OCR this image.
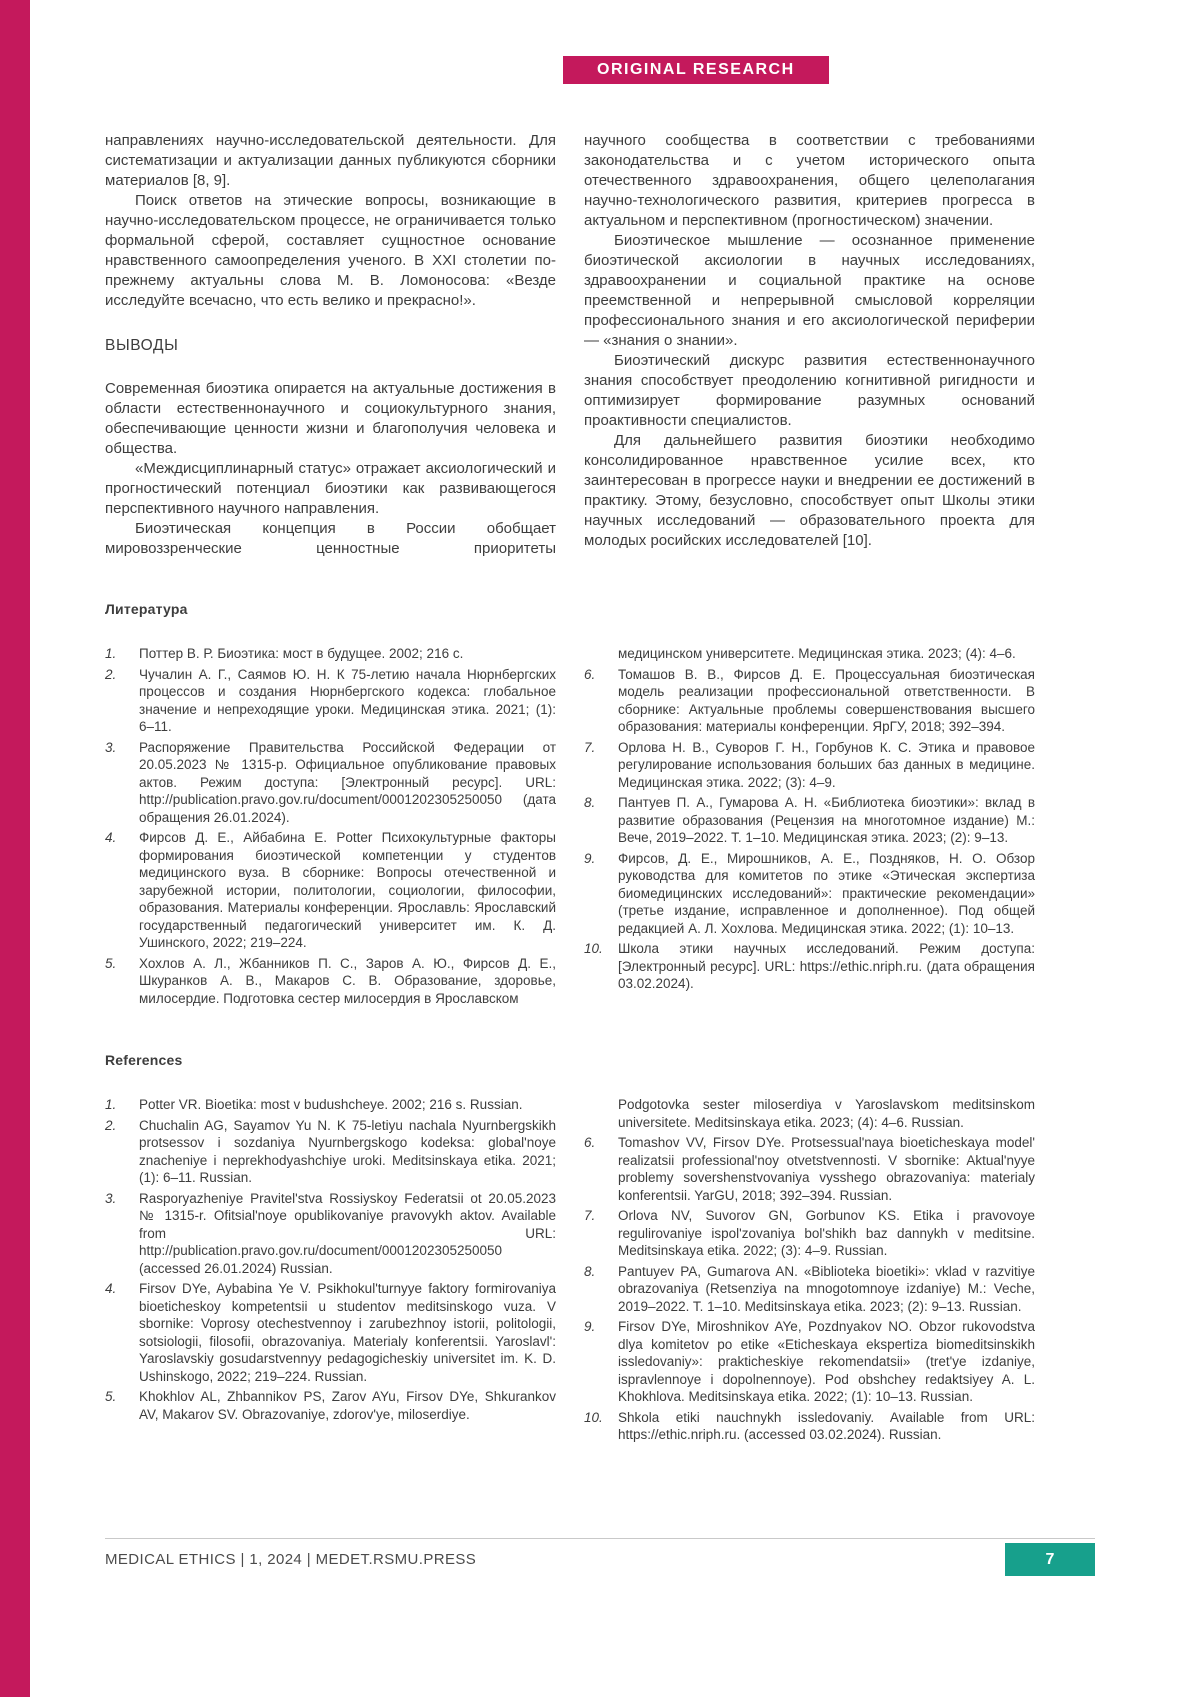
ORIGINAL RESEARCH

направлениях научно-исследовательской деятельности. Для систематизации и актуализации данных публикуются сборники материалов [8, 9].

Поиск ответов на этические вопросы, возникающие в научно-исследовательском процессе, не ограничивается только формальной сферой, составляет сущностное основание нравственного самоопределения ученого. В XXI столетии по-прежнему актуальны слова М. В. Ломоносова: «Везде исследуйте всечасно, что есть велико и прекрасно!».

ВЫВОДЫ

Современная биоэтика опирается на актуальные достижения в области естественнонаучного и социокультурного знания, обеспечивающие ценности жизни и благополучия человека и общества.

«Междисциплинарный статус» отражает аксиологический и прогностический потенциал биоэтики как развивающегося перспективного научного направления.

Биоэтическая концепция в России обобщает мировоззренческие ценностные приоритеты

научного сообщества в соответствии с требованиями законодательства и с учетом исторического опыта отечественного здравоохранения, общего целеполагания научно-технологического развития, критериев прогресса в актуальном и перспективном (прогностическом) значении.

Биоэтическое мышление — осознанное применение биоэтической аксиологии в научных исследованиях, здравоохранении и социальной практике на основе преемственной и непрерывной смысловой корреляции профессионального знания и его аксиологической периферии — «знания о знании».

Биоэтический дискурс развития естественнонаучного знания способствует преодолению когнитивной ригидности и оптимизирует формирование разумных оснований проактивности специалистов.

Для дальнейшего развития биоэтики необходимо консолидированное нравственное усилие всех, кто заинтересован в прогрессе науки и внедрении ее достижений в практику. Этому, безусловно, способствует опыт Школы этики научных исследований — образовательного проекта для молодых росийских исследователей [10].

Литература
1.	Поттер В. Р. Биоэтика: мост в будущее. 2002; 216 с.
2.	Чучалин А. Г., Саямов Ю. Н. К 75-летию начала Нюрнбергских процессов и создания Нюрнбергского кодекса: глобальное значение и непреходящие уроки. Медицинская этика. 2021; (1): 6–11.
3.	Распоряжение Правительства Российской Федерации от 20.05.2023 № 1315-р. Официальное опубликование правовых актов. Режим доступа: [Электронный ресурс]. URL: http://publication.pravo.gov.ru/document/0001202305250050 (дата обращения 26.01.2024).
4.	Фирсов Д. Е., Айбабина Е. Potter Психокультурные факторы формирования биоэтической компетенции у студентов медицинского вуза. В сборнике: Вопросы отечественной и зарубежной истории, политологии, социологии, философии, образования. Материалы конференции. Ярославль: Ярославский государственный педагогический университет им. К. Д. Ушинского, 2022; 219–224.
5.	Хохлов А. Л., Жбанников П. С., Заров А. Ю., Фирсов Д. Е., Шкуранков А. В., Макаров С. В. Образование, здоровье, милосердие. Подготовка сестер милосердия в Ярославском
медицинском университете. Медицинская этика. 2023; (4): 4–6.
6.	Томашов В. В., Фирсов Д. Е. Процессуальная биоэтическая модель реализации профессиональной ответственности. В сборнике: Актуальные проблемы совершенствования высшего образования: материалы конференции. ЯрГУ, 2018; 392–394.
7.	Орлова Н. В., Суворов Г. Н., Горбунов К. С. Этика и правовое регулирование использования больших баз данных в медицине. Медицинская этика. 2022; (3): 4–9.
8.	Пантуев П. А., Гумарова А. Н. «Библиотека биоэтики»: вклад в развитие образования (Рецензия на многотомное издание) М.: Вече, 2019–2022. Т. 1–10. Медицинская этика. 2023; (2): 9–13.
9.	Фирсов, Д. Е., Мирошников, А. Е., Поздняков, Н. О. Обзор руководства для комитетов по этике «Этическая экспертиза биомедицинских исследований»: практические рекомендации» (третье издание, исправленное и дополненное). Под общей редакцией А. Л. Хохлова. Медицинская этика. 2022; (1): 10–13.
10.	Школа этики научных исследований. Режим доступа: [Электронный ресурс]. URL: https://ethic.nriph.ru. (дата обращения 03.02.2024).
References
1.	Potter VR. Bioetika: most v budushcheye. 2002; 216 s. Russian.
2.	Chuchalin AG, Sayamov Yu N. K 75-letiyu nachala Nyurnbergskikh protsessov i sozdaniya Nyurnbergskogo kodeksa: global'noye znacheniye i neprekhodyashchiye uroki. Meditsinskaya etika. 2021; (1): 6–11. Russian.
3.	Rasporyazheniye Pravitel'stva Rossiyskoy Federatsii ot 20.05.2023 № 1315-r. Ofitsial'noye opublikovaniye pravovykh aktov. Available from URL: http://publication.pravo.gov.ru/document/0001202305250050 (accessed 26.01.2024) Russian.
4.	Firsov DYe, Aybabina Ye V. Psikhokul'turnyye faktory formirovaniya bioeticheskoy kompetentsii u studentov meditsinskogo vuza. V sbornike: Voprosy otechestvennoy i zarubezhnoy istorii, politologii, sotsiologii, filosofii, obrazovaniya. Materialy konferentsii. Yaroslavl': Yaroslavskiy gosudarstvennyy pedagogicheskiy universitet im. K. D. Ushinskogo, 2022; 219–224. Russian.
5.	Khokhlov AL, Zhbannikov PS, Zarov AYu, Firsov DYe, Shkurankov AV, Makarov SV. Obrazovaniye, zdorov'ye, miloserdiye.
Podgotovka sester miloserdiya v Yaroslavskom meditsinskom universitete. Meditsinskaya etika. 2023; (4): 4–6. Russian.
6.	Tomashov VV, Firsov DYe. Protsessual'naya bioeticheskaya model' realizatsii professional'noy otvetstvennosti. V sbornike: Aktual'nyye problemy sovershenstvovaniya vysshego obrazovaniya: materialy konferentsii. YarGU, 2018; 392–394. Russian.
7.	Orlova NV, Suvorov GN, Gorbunov KS. Etika i pravovoye regulirovaniye ispol'zovaniya bol'shikh baz dannykh v meditsine. Meditsinskaya etika. 2022; (3): 4–9. Russian.
8.	Pantuyev PA, Gumarova AN. «Biblioteka bioetiki»: vklad v razvitiye obrazovaniya (Retsenziya na mnogotomnoye izdaniye) M.: Veche, 2019–2022. T. 1–10. Meditsinskaya etika. 2023; (2): 9–13. Russian.
9.	Firsov DYe, Miroshnikov AYe, Pozdnyakov NO. Obzor rukovodstva dlya komitetov po etike «Eticheskaya ekspertiza biomeditsinskikh issledovaniy»: prakticheskiye rekomendatsii» (tret'ye izdaniye, ispravlennoye i dopolnennoye). Pod obshchey redaktsiyey A. L. Khokhlova. Meditsinskaya etika. 2022; (1): 10–13. Russian.
10.	Shkola etiki nauchnykh issledovaniy. Available from URL: https://ethic.nriph.ru. (accessed 03.02.2024). Russian.
MEDICAL ETHICS | 1, 2024 | MEDET.RSMU.PRESS	7
